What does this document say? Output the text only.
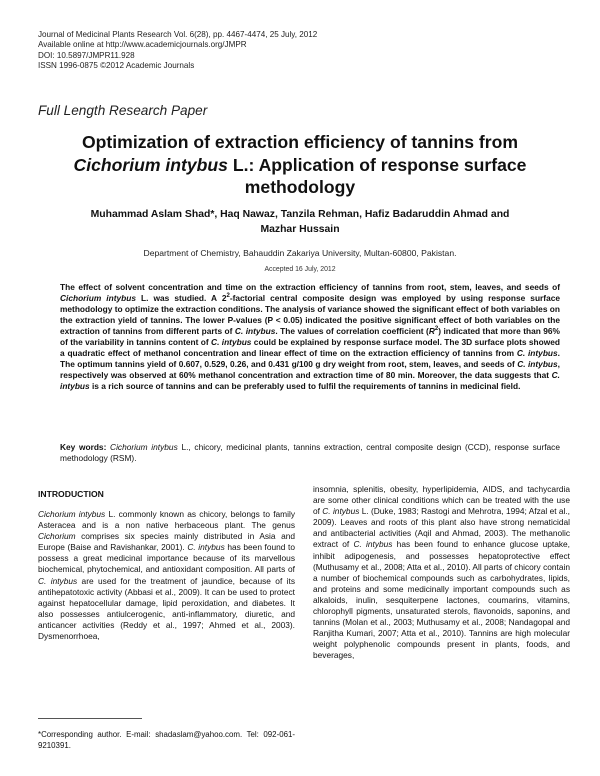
Journal of Medicinal Plants Research Vol. 6(28), pp. 4467-4474, 25 July, 2012
Available online at http://www.academicjournals.org/JMPR
DOI: 10.5897/JMPR11.928
ISSN 1996-0875 ©2012 Academic Journals
Full Length Research Paper
Optimization of extraction efficiency of tannins from
Cichorium intybus L.: Application of response surface
methodology
Muhammad Aslam Shad*, Haq Nawaz, Tanzila Rehman, Hafiz Badaruddin Ahmad and
Mazhar Hussain
Department of Chemistry, Bahauddin Zakariya University, Multan-60800, Pakistan.
Accepted 16 July, 2012

The effect of solvent concentration and time on the extraction efficiency of tannins from root, stem, leaves, and seeds of Cichorium intybus L. was studied. A $2^2$-factorial central composite design was employed by using response surface methodology to optimize the extraction conditions. The analysis of variance showed the significant effect of both variables on the extraction yield of tannins. The lower P-values (P < 0.05) indicated the positive significant effect of both variables on the extraction of tannins from different parts of C. intybus. The values of correlation coefficient $(R^2)$ indicated that more than 96% of the variability in tannins content of C. intybus could be explained by response surface model. The 3D surface plots showed a quadratic effect of methanol concentration and linear effect of time on the extraction efficiency of tannins from C. intybus. The optimum tannins yield of 0.607, 0.529, 0.26, and 0.431 g/100 g dry weight from root, stem, leaves, and seeds of C. intybus, respectively was observed at 60% methanol concentration and extraction time of 80 min. Moreover, the data suggests that C. intybus is a rich source of tannins and can be preferably used to fulfil the requirements of tannins in medicinal field.

Key words: Cichorium intybus L., chicory, medicinal plants, tannins extraction, central composite design (CCD), response surface methodology (RSM).

INTRODUCTION

Cichorium intybus L. commonly known as chicory, belongs to family Asteracea and is a non native herbaceous plant. The genus Cichorium comprises six species mainly distributed in Asia and Europe (Baise and Ravishankar, 2001). C. intybus has been found to possess a great medicinal importance because of its marvellous biochemical, phytochemical, and antioxidant composition. All parts of C. intybus are used for the treatment of jaundice, because of its antihepatotoxic activity (Abbasi et al., 2009). It can be used to protect against hepatocellular damage, lipid peroxidation, and diabetes. It also possesses antiulcerogenic, anti-inflammatory, diuretic, and anticancer activities (Reddy et al., 1997; Ahmed et al., 2003). Dysmenorrhoea,

insomnia, splenitis, obesity, hyperlipidemia, AIDS, and tachycardia are some other clinical conditions which can be treated with the use of C. intybus L. (Duke, 1983; Rastogi and Mehrotra, 1994; Afzal et al., 2009). Leaves and roots of this plant also have strong nematicidal and antibacterial activities (Aqil and Ahmad, 2003). The methanolic extract of C. intybus has been found to enhance glucose uptake, inhibit adipogenesis, and possesses hepatoprotective effect (Muthusamy et al., 2008; Atta et al., 2010). All parts of chicory contain a number of biochemical compounds such as carbohydrates, lipids, and proteins and some medicinally important compounds such as alkaloids, inulin, sesquiterpene lactones, coumarins, vitamins, chlorophyll pigments, unsaturated sterols, flavonoids, saponins, and tannins (Molan et al., 2003; Muthusamy et al., 2008; Nandagopal and Ranjitha Kumari, 2007; Atta et al., 2010). Tannins are high molecular weight polyphenolic compounds present in plants, foods, and beverages,

*Corresponding author. E-mail: shadaslam@yahoo.com. Tel: 092-061-9210391.
